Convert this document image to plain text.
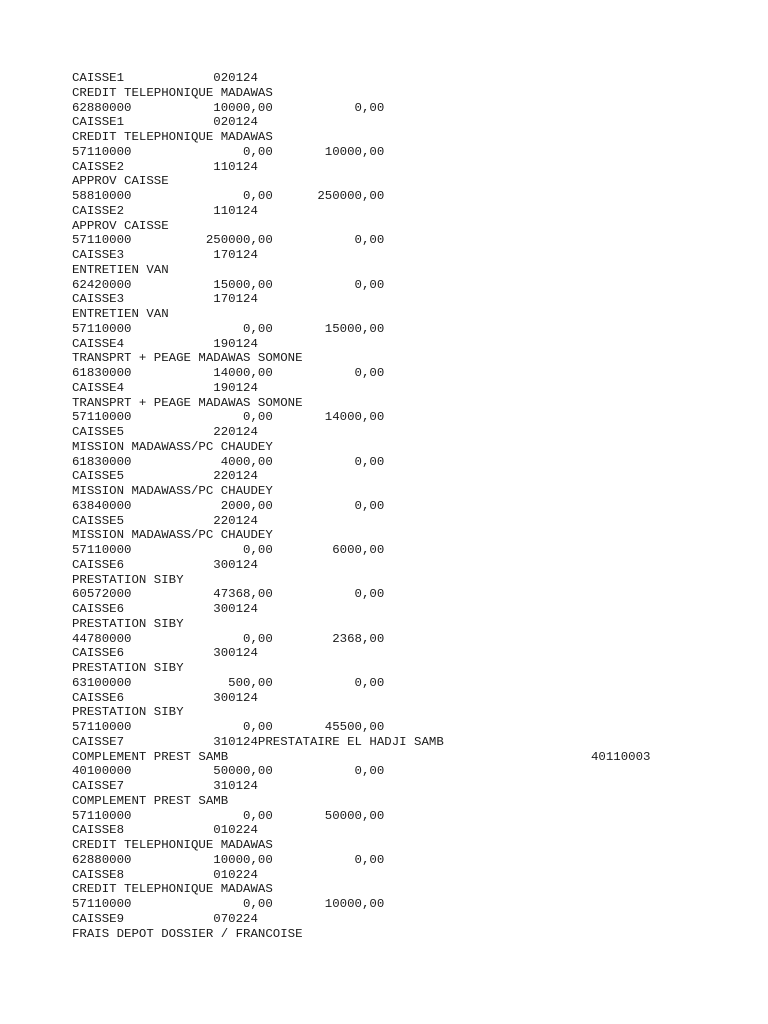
CAISSE1            020124
CREDIT TELEPHONIQUE MADAWAS
62880000           10000,00           0,00
CAISSE1            020124
CREDIT TELEPHONIQUE MADAWAS
57110000               0,00       10000,00
CAISSE2            110124
APPROV CAISSE
58810000               0,00      250000,00
CAISSE2            110124
APPROV CAISSE
57110000          250000,00           0,00
CAISSE3            170124
ENTRETIEN VAN
62420000           15000,00           0,00
CAISSE3            170124
ENTRETIEN VAN
57110000               0,00       15000,00
CAISSE4            190124
TRANSPRT + PEAGE MADAWAS SOMONE
61830000           14000,00           0,00
CAISSE4            190124
TRANSPRT + PEAGE MADAWAS SOMONE
57110000               0,00       14000,00
CAISSE5            220124
MISSION MADAWASS/PC CHAUDEY
61830000            4000,00           0,00
CAISSE5            220124
MISSION MADAWASS/PC CHAUDEY
63840000            2000,00           0,00
CAISSE5            220124
MISSION MADAWASS/PC CHAUDEY
57110000               0,00        6000,00
CAISSE6            300124
PRESTATION SIBY
60572000           47368,00           0,00
CAISSE6            300124
PRESTATION SIBY
44780000               0,00        2368,00
CAISSE6            300124
PRESTATION SIBY
63100000             500,00           0,00
CAISSE6            300124
PRESTATION SIBY
57110000               0,00       45500,00
CAISSE7            310124PRESTATAIRE EL HADJI SAMB
COMPLEMENT PREST SAMB	40110003
40100000           50000,00           0,00
CAISSE7            310124
COMPLEMENT PREST SAMB
57110000               0,00       50000,00
CAISSE8            010224
CREDIT TELEPHONIQUE MADAWAS
62880000           10000,00           0,00
CAISSE8            010224
CREDIT TELEPHONIQUE MADAWAS
57110000               0,00       10000,00
CAISSE9            070224
FRAIS DEPOT DOSSIER / FRANCOISE
